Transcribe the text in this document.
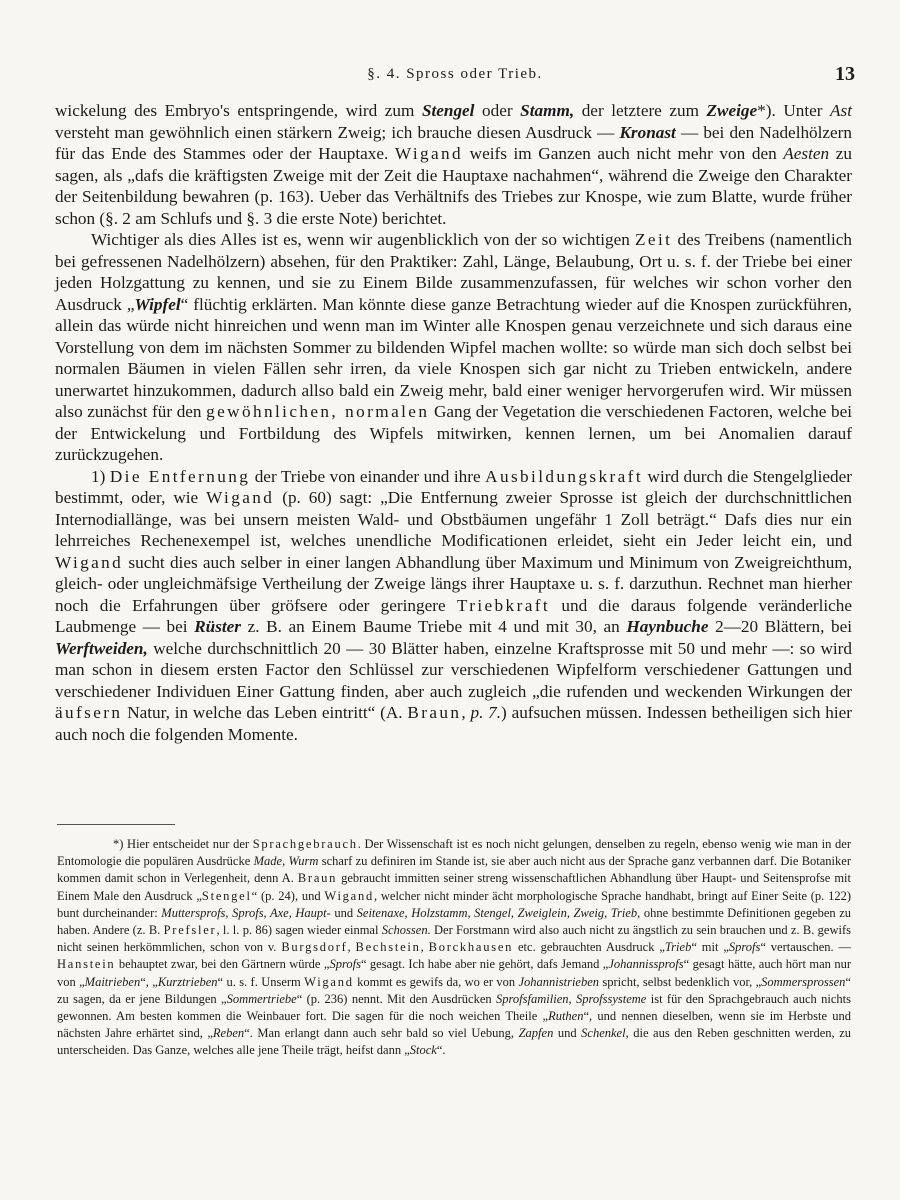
§. 4. Spross oder Trieb.	13

wickelung des Embryo's entspringende, wird zum Stengel oder Stamm, der letztere zum Zweige*). Unter Ast versteht man gewöhnlich einen stärkern Zweig; ich brauche diesen Ausdruck — Kronast — bei den Nadelhölzern für das Ende des Stammes oder der Hauptaxe. Wigand weifs im Ganzen auch nicht mehr von den Aesten zu sagen, als „dafs die kräftigsten Zweige mit der Zeit die Hauptaxe nachahmen“, während die Zweige den Charakter der Seitenbildung bewahren (p. 163). Ueber das Verhältnifs des Triebes zur Knospe, wie zum Blatte, wurde früher schon (§. 2 am Schlufs und §. 3 die erste Note) berichtet.

Wichtiger als dies Alles ist es, wenn wir augenblicklich von der so wichtigen Zeit des Treibens (namentlich bei gefressenen Nadelhölzern) absehen, für den Praktiker: Zahl, Länge, Belaubung, Ort u. s. f. der Triebe bei einer jeden Holzgattung zu kennen, und sie zu Einem Bilde zusammenzufassen, für welches wir schon vorher den Ausdruck „Wipfel“ flüchtig erklärten. Man könnte diese ganze Betrachtung wieder auf die Knospen zurückführen, allein das würde nicht hinreichen und wenn man im Winter alle Knospen genau verzeichnete und sich daraus eine Vorstellung von dem im nächsten Sommer zu bildenden Wipfel machen wollte: so würde man sich doch selbst bei normalen Bäumen in vielen Fällen sehr irren, da viele Knospen sich gar nicht zu Trieben entwickeln, andere unerwartet hinzukommen, dadurch allso bald ein Zweig mehr, bald einer weniger hervorgerufen wird. Wir müssen also zunächst für den gewöhnlichen, normalen Gang der Vegetation die verschiedenen Factoren, welche bei der Entwickelung und Fortbildung des Wipfels mitwirken, kennen lernen, um bei Anomalien darauf zurückzugehen.

1) Die Entfernung der Triebe von einander und ihre Ausbildungskraft wird durch die Stengelglieder bestimmt, oder, wie Wigand (p. 60) sagt: „Die Entfernung zweier Sprosse ist gleich der durchschnittlichen Internodiallänge, was bei unsern meisten Wald- und Obstbäumen ungefähr 1 Zoll beträgt.“ Dafs dies nur ein lehrreiches Rechenexempel ist, welches unendliche Modificationen erleidet, sieht ein Jeder leicht ein, und Wigand sucht dies auch selber in einer langen Abhandlung über Maximum und Minimum von Zweigreichthum, gleich- oder ungleichmäfsige Vertheilung der Zweige längs ihrer Hauptaxe u. s. f. darzuthun. Rechnet man hierher noch die Erfahrungen über gröfsere oder geringere Triebkraft und die daraus folgende veränderliche Laubmenge — bei Rüster z. B. an Einem Baume Triebe mit 4 und mit 30, an Haynbuche 2—20 Blättern, bei Werftweiden, welche durchschnittlich 20 — 30 Blätter haben, einzelne Kraftsprosse mit 50 und mehr —: so wird man schon in diesem ersten Factor den Schlüssel zur verschiedenen Wipfelform verschiedener Gattungen und verschiedener Individuen Einer Gattung finden, aber auch zugleich „die rufenden und weckenden Wirkungen der äufsern Natur, in welche das Leben eintritt“ (A. Braun, p. 7.) aufsuchen müssen. Indessen betheiligen sich hier auch noch die folgenden Momente.

*) Hier entscheidet nur der Sprachgebrauch. Der Wissenschaft ist es noch nicht gelungen, denselben zu regeln, ebenso wenig wie man in der Entomologie die populären Ausdrücke Made, Wurm scharf zu definiren im Stande ist, sie aber auch nicht aus der Sprache ganz verbannen darf. Die Botaniker kommen damit schon in Verlegenheit, denn A. Braun gebraucht immitten seiner streng wissenschaftlichen Abhandlung über Haupt- und Seitensprofse mit Einem Male den Ausdruck „Stengel“ (p. 24), und Wigand, welcher nicht minder ächt morphologische Sprache handhabt, bringt auf Einer Seite (p. 122) bunt durcheinander: Muttersprofs, Sprofs, Axe, Haupt- und Seitenaxe, Holzstamm, Stengel, Zweiglein, Zweig, Trieb, ohne bestimmte Definitionen gegeben zu haben. Andere (z. B. Prefsler, l. l. p. 86) sagen wieder einmal Schossen. Der Forstmann wird also auch nicht zu ängstlich zu sein brauchen und z. B. gewifs nicht seinen herkömmlichen, schon von v. Burgsdorf, Bechstein, Borckhausen etc. gebrauchten Ausdruck „Trieb“ mit „Sprofs“ vertauschen. — Hanstein behauptet zwar, bei den Gärtnern würde „Sprofs“ gesagt. Ich habe aber nie gehört, dafs Jemand „Johannissprofs“ gesagt hätte, auch hört man nur von „Maitrieben“, „Kurztrieben“ u. s. f. Unserm Wigand kommt es gewifs da, wo er von Johannistrieben spricht, selbst bedenklich vor, „Sommersprossen“ zu sagen, da er jene Bildungen „Sommertriebe“ (p. 236) nennt. Mit den Ausdrücken Sprofsfamilien, Sprofssysteme ist für den Sprachgebrauch auch nichts gewonnen. Am besten kommen die Weinbauer fort. Die sagen für die noch weichen Theile „Ruthen“, und nennen dieselben, wenn sie im Herbste und nächsten Jahre erhärtet sind, „Reben“. Man erlangt dann auch sehr bald so viel Uebung, Zapfen und Schenkel, die aus den Reben geschnitten werden, zu unterscheiden. Das Ganze, welches alle jene Theile trägt, heifst dann „Stock“.
